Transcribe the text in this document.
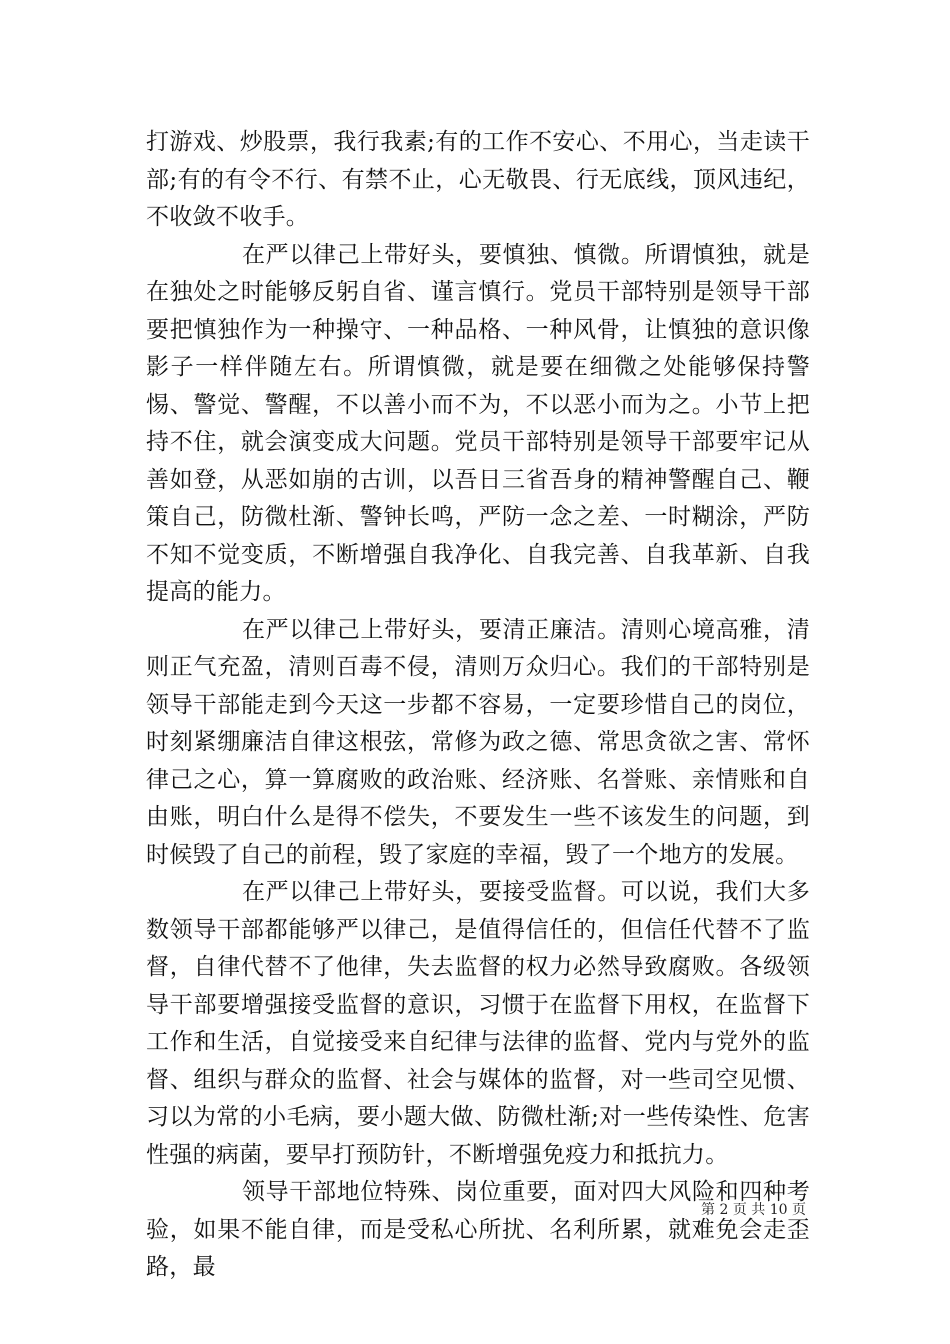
打游戏、炒股票，我行我素;有的工作不安心、不用心，当走读干部;有的有令不行、有禁不止，心无敬畏、行无底线，顶风违纪，不收敛不收手。

在严以律己上带好头，要慎独、慎微。所谓慎独，就是在独处之时能够反躬自省、谨言慎行。党员干部特别是领导干部要把慎独作为一种操守、一种品格、一种风骨，让慎独的意识像影子一样伴随左右。所谓慎微，就是要在细微之处能够保持警惕、警觉、警醒，不以善小而不为，不以恶小而为之。小节上把持不住，就会演变成大问题。党员干部特别是领导干部要牢记从善如登，从恶如崩的古训，以吾日三省吾身的精神警醒自己、鞭策自己，防微杜渐、警钟长鸣，严防一念之差、一时糊涂，严防不知不觉变质，不断增强自我净化、自我完善、自我革新、自我提高的能力。

在严以律己上带好头，要清正廉洁。清则心境高雅，清则正气充盈，清则百毒不侵，清则万众归心。我们的干部特别是领导干部能走到今天这一步都不容易，一定要珍惜自己的岗位，时刻紧绷廉洁自律这根弦，常修为政之德、常思贪欲之害、常怀律己之心，算一算腐败的政治账、经济账、名誉账、亲情账和自由账，明白什么是得不偿失，不要发生一些不该发生的问题，到时候毁了自己的前程，毁了家庭的幸福，毁了一个地方的发展。

在严以律己上带好头，要接受监督。可以说，我们大多数领导干部都能够严以律己，是值得信任的，但信任代替不了监督，自律代替不了他律，失去监督的权力必然导致腐败。各级领导干部要增强接受监督的意识，习惯于在监督下用权，在监督下工作和生活，自觉接受来自纪律与法律的监督、党内与党外的监督、组织与群众的监督、社会与媒体的监督，对一些司空见惯、习以为常的小毛病，要小题大做、防微杜渐;对一些传染性、危害性强的病菌，要早打预防针，不断增强免疫力和抵抗力。

领导干部地位特殊、岗位重要，面对四大风险和四种考验，如果不能自律，而是受私心所扰、名利所累，就难免会走歪路，最

第 2 页 共 10 页
